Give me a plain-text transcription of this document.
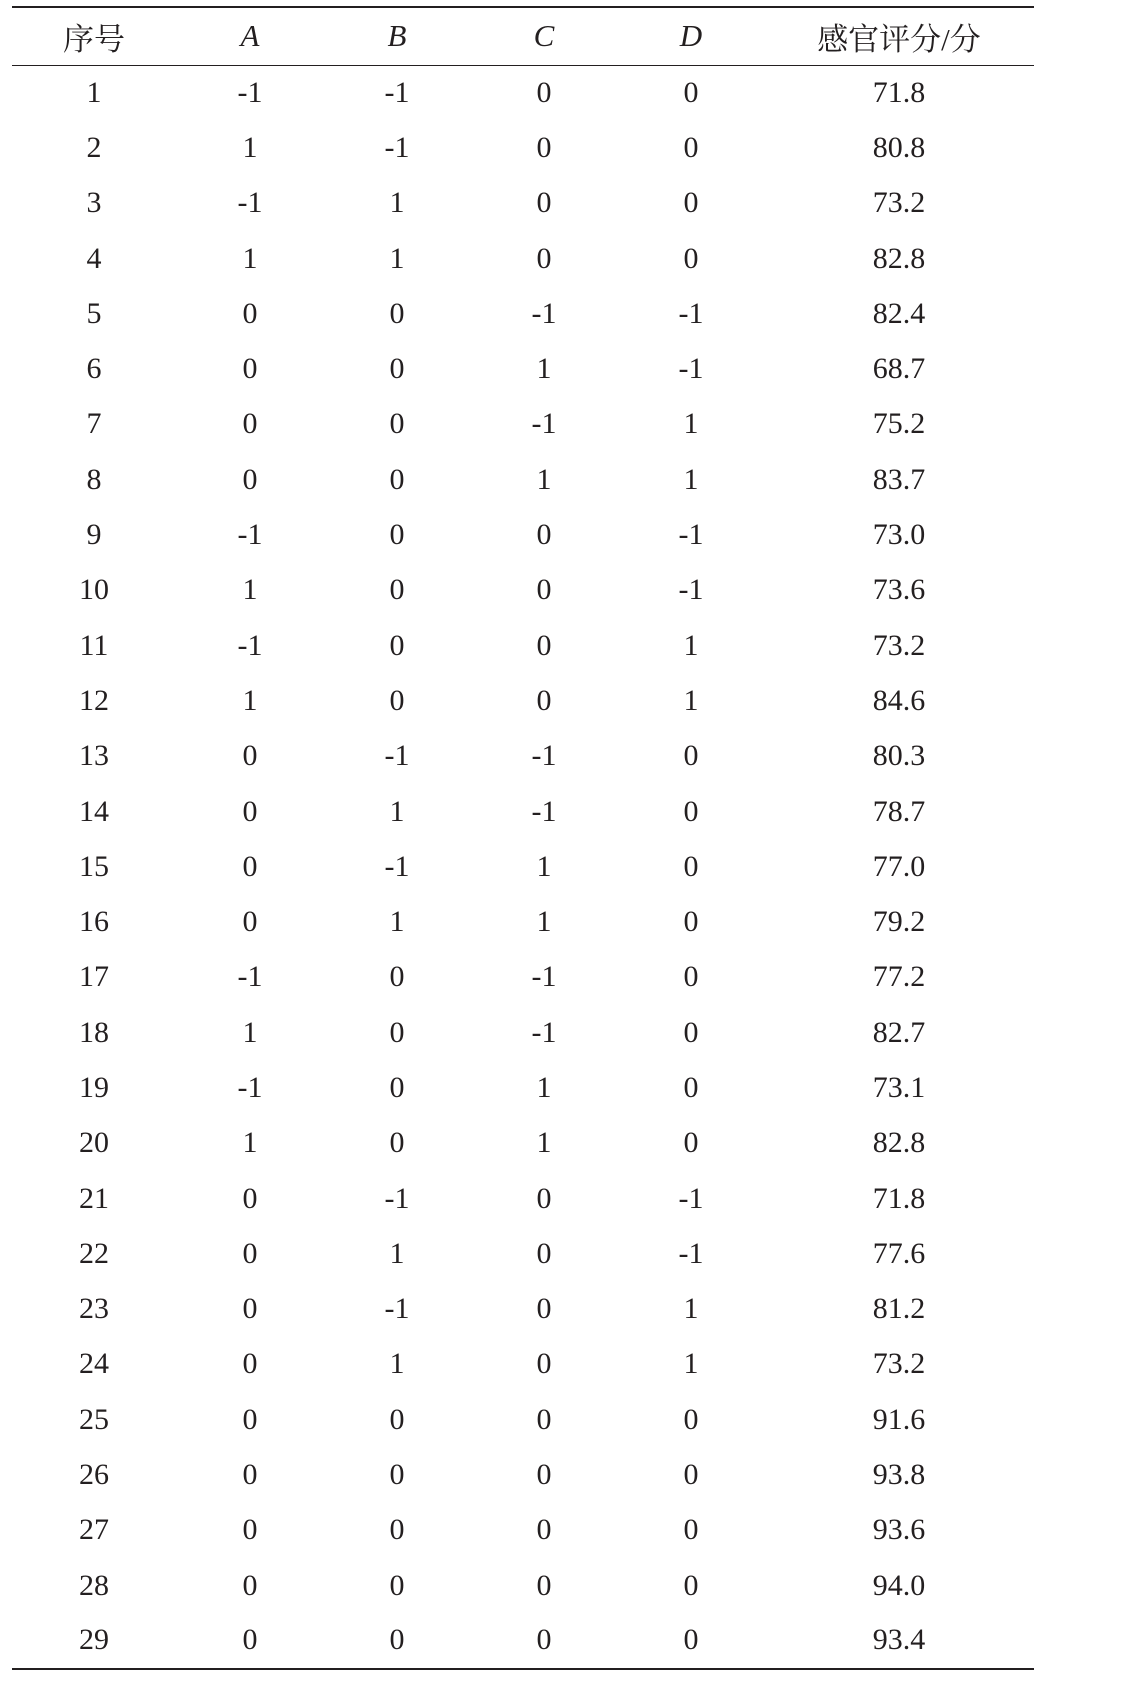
序号	A	B	C	D	感官评分/分
1	-1	-1	0	0	71.8
2	1	-1	0	0	80.8
3	-1	1	0	0	73.2
4	1	1	0	0	82.8
5	0	0	-1	-1	82.4
6	0	0	1	-1	68.7
7	0	0	-1	1	75.2
8	0	0	1	1	83.7
9	-1	0	0	-1	73.0
10	1	0	0	-1	73.6
11	-1	0	0	1	73.2
12	1	0	0	1	84.6
13	0	-1	-1	0	80.3
14	0	1	-1	0	78.7
15	0	-1	1	0	77.0
16	0	1	1	0	79.2
17	-1	0	-1	0	77.2
18	1	0	-1	0	82.7
19	-1	0	1	0	73.1
20	1	0	1	0	82.8
21	0	-1	0	-1	71.8
22	0	1	0	-1	77.6
23	0	-1	0	1	81.2
24	0	1	0	1	73.2
25	0	0	0	0	91.6
26	0	0	0	0	93.8
27	0	0	0	0	93.6
28	0	0	0	0	94.0
29	0	0	0	0	93.4
